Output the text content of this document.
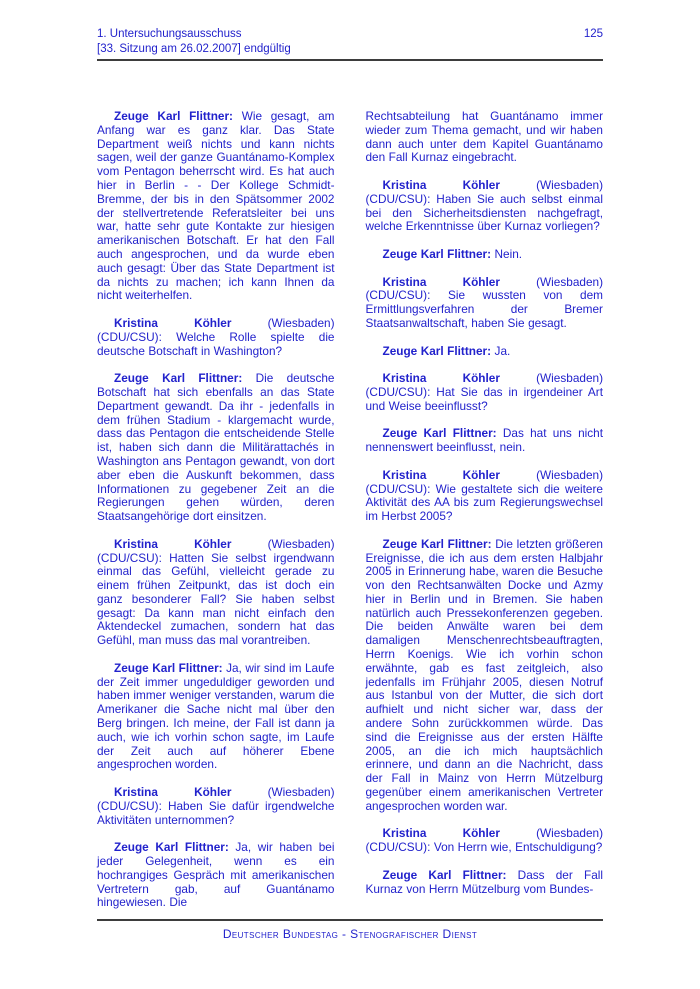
1. Untersuchungsausschuss	125
[33. Sitzung am 26.02.2007] endgültig

Zeuge Karl Flittner: Wie gesagt, am Anfang war es ganz klar. Das State Department weiß nichts und kann nichts sagen, weil der ganze Guantánamo-Komplex vom Pentagon beherrscht wird. Es hat auch hier in Berlin - - Der Kollege Schmidt-Bremme, der bis in den Spätsommer 2002 der stellvertretende Referatsleiter bei uns war, hatte sehr gute Kontakte zur hiesigen amerikanischen Botschaft. Er hat den Fall auch angesprochen, und da wurde eben auch gesagt: Über das State Department ist da nichts zu machen; ich kann Ihnen da nicht weiterhelfen.

Kristina Köhler (Wiesbaden) (CDU/CSU): Welche Rolle spielte die deutsche Botschaft in Washington?

Zeuge Karl Flittner: Die deutsche Botschaft hat sich ebenfalls an das State Department gewandt. Da ihr - jedenfalls in dem frühen Stadium - klargemacht wurde, dass das Pentagon die entscheidende Stelle ist, haben sich dann die Militärattachés in Washington ans Pentagon gewandt, von dort aber eben die Auskunft bekommen, dass Informationen zu gegebener Zeit an die Regierungen gehen würden, deren Staatsangehörige dort einsitzen.

Kristina Köhler (Wiesbaden) (CDU/CSU): Hatten Sie selbst irgendwann einmal das Gefühl, vielleicht gerade zu einem frühen Zeitpunkt, das ist doch ein ganz besonderer Fall? Sie haben selbst gesagt: Da kann man nicht einfach den Aktendeckel zumachen, sondern hat das Gefühl, man muss das mal vorantreiben.

Zeuge Karl Flittner: Ja, wir sind im Laufe der Zeit immer ungeduldiger geworden und haben immer weniger verstanden, warum die Amerikaner die Sache nicht mal über den Berg bringen. Ich meine, der Fall ist dann ja auch, wie ich vorhin schon sagte, im Laufe der Zeit auch auf höherer Ebene angesprochen worden.

Kristina Köhler (Wiesbaden) (CDU/CSU): Haben Sie dafür irgendwelche Aktivitäten unternommen?

Zeuge Karl Flittner: Ja, wir haben bei jeder Gelegenheit, wenn es ein hochrangiges Gespräch mit amerikanischen Vertretern gab, auf Guantánamo hingewiesen. Die

Rechtsabteilung hat Guantánamo immer wieder zum Thema gemacht, und wir haben dann auch unter dem Kapitel Guantánamo den Fall Kurnaz eingebracht.

Kristina Köhler (Wiesbaden) (CDU/CSU): Haben Sie auch selbst einmal bei den Sicherheitsdiensten nachgefragt, welche Erkenntnisse über Kurnaz vorliegen?

Zeuge Karl Flittner: Nein.

Kristina Köhler (Wiesbaden) (CDU/CSU): Sie wussten von dem Ermittlungsverfahren der Bremer Staatsanwaltschaft, haben Sie gesagt.

Zeuge Karl Flittner: Ja.

Kristina Köhler (Wiesbaden) (CDU/CSU): Hat Sie das in irgendeiner Art und Weise beeinflusst?

Zeuge Karl Flittner: Das hat uns nicht nennenswert beeinflusst, nein.

Kristina Köhler (Wiesbaden) (CDU/CSU): Wie gestaltete sich die weitere Aktivität des AA bis zum Regierungswechsel im Herbst 2005?

Zeuge Karl Flittner: Die letzten größeren Ereignisse, die ich aus dem ersten Halbjahr 2005 in Erinnerung habe, waren die Besuche von den Rechtsanwälten Docke und Azmy hier in Berlin und in Bremen. Sie haben natürlich auch Pressekonferenzen gegeben. Die beiden Anwälte waren bei dem damaligen Menschenrechtsbeauftragten, Herrn Koenigs. Wie ich vorhin schon erwähnte, gab es fast zeitgleich, also jedenfalls im Frühjahr 2005, diesen Notruf aus Istanbul von der Mutter, die sich dort aufhielt und nicht sicher war, dass der andere Sohn zurückkommen würde. Das sind die Ereignisse aus der ersten Hälfte 2005, an die ich mich hauptsächlich erinnere, und dann an die Nachricht, dass der Fall in Mainz von Herrn Mützelburg gegenüber einem amerikanischen Vertreter angesprochen worden war.

Kristina Köhler (Wiesbaden) (CDU/CSU): Von Herrn wie, Entschuldigung?

Zeuge Karl Flittner: Dass der Fall Kurnaz von Herrn Mützelburg vom Bundes-

Deutscher Bundestag - Stenografischer Dienst
